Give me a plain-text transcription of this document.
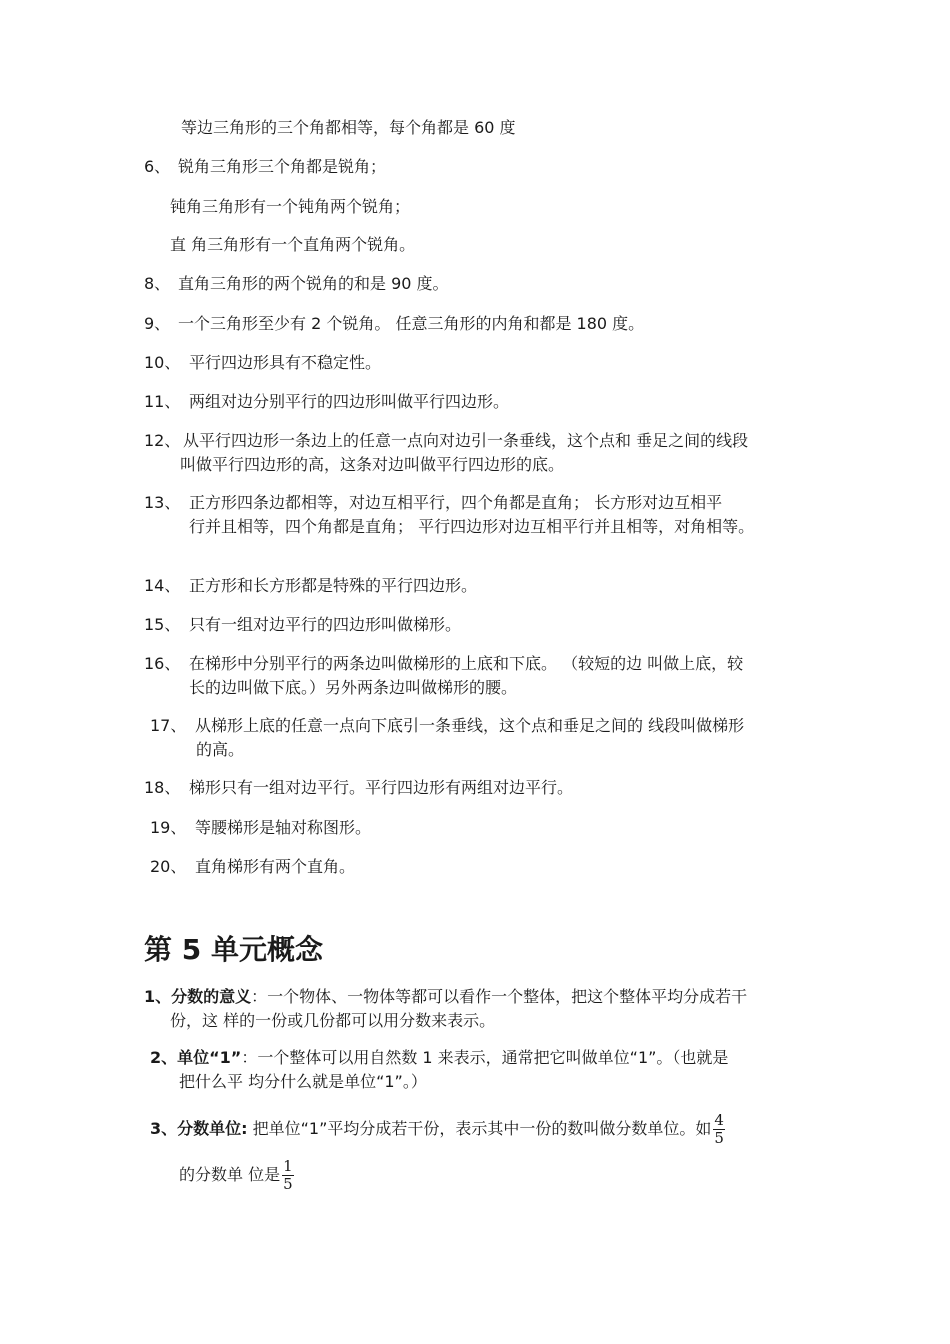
等边三角形的三个角都相等，每个角都是 60 度
6、 锐角三角形三个角都是锐角；
钝角三角形有一个钝角两个锐角；
直 角三角形有一个直角两个锐角。
8、 直角三角形的两个锐角的和是 90 度。
9、 一个三角形至少有 2 个锐角。 任意三角形的内角和都是 180 度。
10、 平行四边形具有不稳定性。
11、 两组对边分别平行的四边形叫做平行四边形。
12、 从平行四边形一条边上的任意一点向对边引一条垂线，这个点和 垂足之间的线段
叫做平行四边形的高，这条对边叫做平行四边形的底。
13、 正方形四条边都相等，对边互相平行，四个角都是直角； 长方形对边互相平
行并且相等，四个角都是直角； 平行四边形对边互相平行并且相等，对角相等。
14、 正方形和长方形都是特殊的平行四边形。
15、 只有一组对边平行的四边形叫做梯形。
16、 在梯形中分别平行的两条边叫做梯形的上底和下底。 （较短的边 叫做上底，较
长的边叫做下底。）另外两条边叫做梯形的腰。
17、 从梯形上底的任意一点向下底引一条垂线，这个点和垂足之间的 线段叫做梯形
的高。
18、 梯形只有一组对边平行。平行四边形有两组对边平行。
19、 等腰梯形是轴对称图形。
20、 直角梯形有两个直角。
第 5 单元概念
1、分数的意义：一个物体、一物体等都可以看作一个整体，把这个整体平均分成若干
份，这 样的一份或几份都可以用分数来表示。
2、单位“1”：一个整体可以用自然数 1 来表示，通常把它叫做单位“1”。（也就是
把什么平 均分什么就是单位“1”。）
3、分数单位: 把单位“1”平均分成若干份，表示其中一份的数叫做分数单位。如 $\frac{4}{5}$
的分数单 位是 $\frac{1}{5}$
